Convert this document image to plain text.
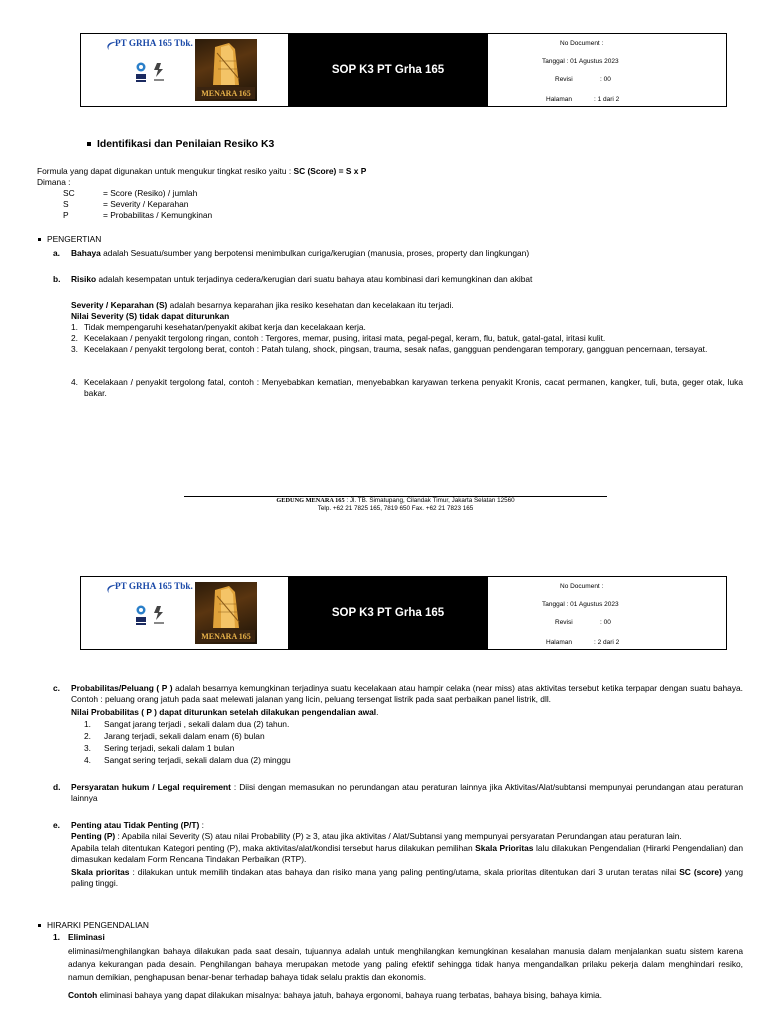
PT GRHA 165 Tbk.
MENARA 165
SOP K3 PT Grha 165
No Document :
Tanggal : 01 Agustus 2023
Revisi	: 00
Halaman	: 1 dari 2
Identifikasi dan Penilaian Resiko K3
Formula yang dapat digunakan untuk mengukur tingkat resiko yaitu : SC (Score) = S x P
Dimana :
SC	= Score (Resiko) / jumlah
S	= Severity / Keparahan
P	= Probabilitas / Kemungkinan
PENGERTIAN
a. Bahaya adalah Sesuatu/sumber yang berpotensi menimbulkan curiga/kerugian (manusia, proses, property dan lingkungan)
b. Risiko adalah kesempatan untuk terjadinya cedera/kerugian dari suatu bahaya atau kombinasi dari kemungkinan dan akibat
Severity / Keparahan (S) adalah besarnya keparahan jika resiko kesehatan dan kecelakaan itu terjadi.
Nilai Severity (S) tidak dapat diturunkan
1. Tidak mempengaruhi kesehatan/penyakit akibat kerja dan kecelakaan kerja.
2. Kecelakaan / penyakit tergolong ringan, contoh : Tergores, memar, pusing, iritasi mata, pegal-pegal, keram, flu, batuk, gatal-gatal, iritasi kulit.
3. Kecelakaan / penyakit tergolong berat, contoh : Patah tulang, shock, pingsan, trauma, sesak nafas, gangguan pendengaran temporary, gangguan pencernaan, tersayat.
4. Kecelakaan / penyakit tergolong fatal, contoh : Menyebabkan kematian, menyebabkan karyawan terkena penyakit Kronis, cacat permanen, kangker, tuli, buta, geger otak, luka bakar.
GEDUNG MENARA 165 : Jl. TB. Simatupang, Cilandak Timur, Jakarta Selatan 12560
Telp. +62 21 7825 165, 7819 650 Fax. +62 21 7823 165
PT GRHA 165 Tbk.
MENARA 165
SOP K3 PT Grha 165
No Document :
Tanggal : 01 Agustus 2023
Revisi	: 00
Halaman	: 2 dari 2
c. Probabilitas/Peluang ( P ) adalah besarnya kemungkinan terjadinya suatu kecelakaan atau hampir celaka (near miss) atas aktivitas tersebut ketika terpapar dengan suatu bahaya. Contoh : peluang orang jatuh pada saat melewati jalanan yang licin, peluang tersengat listrik pada saat perbaikan panel listrik, dll.
Nilai Probabilitas ( P ) dapat diturunkan setelah dilakukan pengendalian awal.
1. Sangat jarang terjadi , sekali dalam dua (2) tahun.
2. Jarang terjadi, sekali dalam enam (6) bulan
3. Sering terjadi, sekali dalam 1 bulan
4. Sangat sering terjadi, sekali dalam dua (2) minggu
d. Persyaratan hukum / Legal requirement : Diisi dengan memasukan no perundangan atau peraturan lainnya jika Aktivitas/Alat/subtansi mempunyai perundangan atau peraturan lainnya
e. Penting atau Tidak Penting (P/T) :
Penting (P) : Apabila nilai Severity (S) atau nilai Probability (P) ≥ 3, atau jika aktivitas / Alat/Subtansi yang mempunyai persyaratan Perundangan atau peraturan lain.
Apabila telah ditentukan Kategori penting (P), maka aktivitas/alat/kondisi tersebut harus dilakukan pemilihan Skala Prioritas lalu dilakukan Pengendalian (Hirarki Pengendalian) dan dimasukan kedalam Form Rencana Tindakan Perbaikan (RTP).
Skala prioritas : dilakukan untuk memilih tindakan atas bahaya dan risiko mana yang paling penting/utama, skala prioritas ditentukan dari 3 urutan teratas nilai SC (score) yang paling tinggi.
HIRARKI PENGENDALIAN
1. Eliminasi
eliminasi/menghilangkan bahaya dilakukan pada saat desain, tujuannya adalah untuk menghilangkan kemungkinan kesalahan manusia dalam menjalankan suatu sistem karena adanya kekurangan pada desain. Penghilangan bahaya merupakan metode yang paling efektif sehingga tidak hanya mengandalkan prilaku pekerja dalam menghindari resiko, namun demikian, penghapusan benar-benar terhadap bahaya tidak selalu praktis dan ekonomis.
Contoh eliminasi bahaya yang dapat dilakukan misalnya: bahaya jatuh, bahaya ergonomi, bahaya ruang terbatas, bahaya bising, bahaya kimia.
